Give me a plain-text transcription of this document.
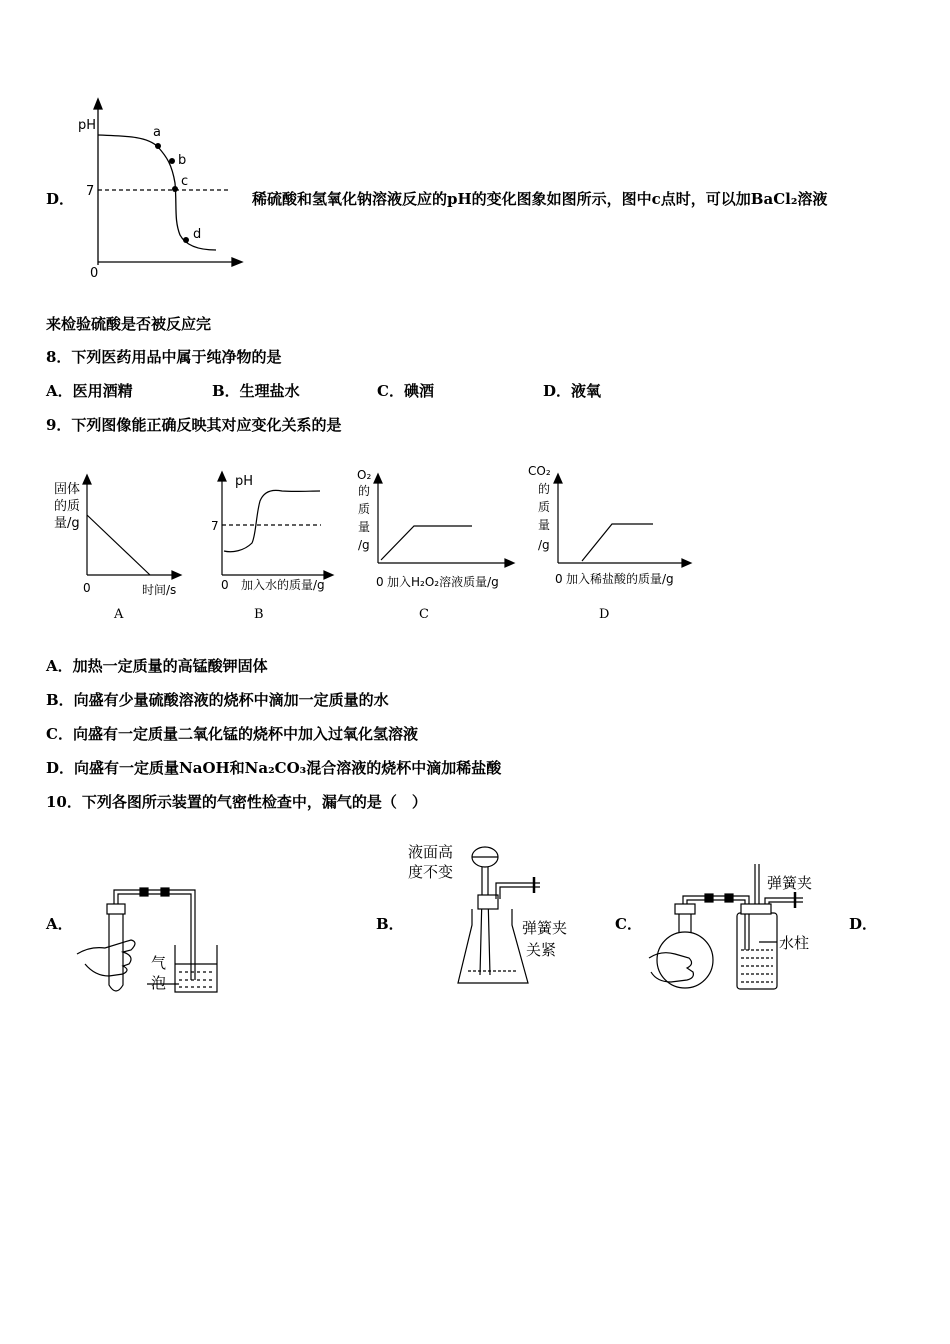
D．
pH
0
7
a
b
c
d
稀硫酸和氢氧化钠溶液反应的pH的变化图象如图所示，图中c点时，可以加BaCl₂溶液
来检验硫酸是否被反应完
8．下列医药用品中属于纯净物的是
A．医用酒精	B．生理盐水	C．碘酒	D．液氧
9．下列图像能正确反映其对应变化关系的是
固体
的质
量/g
0	时间/s
A
pH
7
0 加入水的质量/g
B
O₂
的
质
量
/g
0 加入H₂O₂溶液质量/g
C
CO₂
的
质
量
/g
0 加入稀盐酸的质量/g
D
A．加热一定质量的高锰酸钾固体
B．向盛有少量硫酸溶液的烧杯中滴加一定质量的水
C．向盛有一定质量二氧化锰的烧杯中加入过氧化氢溶液
D．向盛有一定质量NaOH和Na₂CO₃混合溶液的烧杯中滴加稀盐酸
10．下列各图所示装置的气密性检查中，漏气的是（　）
A．	B．	C．	D．
气
泡
液面高
度不变
弹簧夹
关紧
弹簧夹
水柱
